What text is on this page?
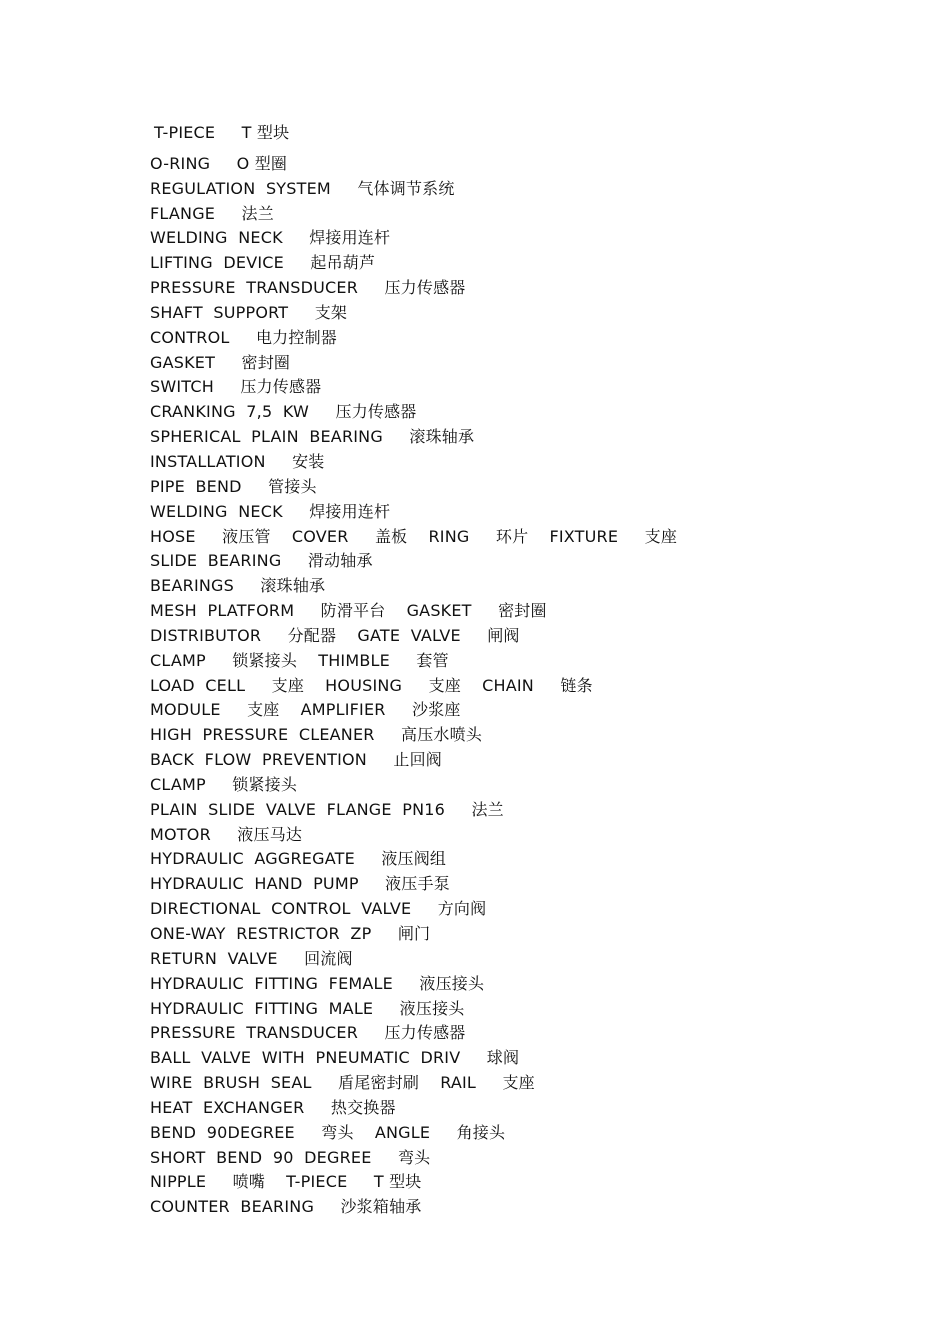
T-PIECE     T 型块
O-RING     O 型圈
REGULATION  SYSTEM     气体调节系统
FLANGE     法兰
WELDING  NECK     焊接用连杆
LIFTING  DEVICE     起吊葫芦
PRESSURE  TRANSDUCER     压力传感器
SHAFT  SUPPORT     支架
CONTROL     电力控制器
GASKET     密封圈
SWITCH     压力传感器
CRANKING  7,5  KW     压力传感器
SPHERICAL  PLAIN  BEARING     滚珠轴承
INSTALLATION     安装
PIPE  BEND     管接头
WELDING  NECK     焊接用连杆
HOSE     液压管    COVER     盖板    RING     环片    FIXTURE     支座
SLIDE  BEARING     滑动轴承
BEARINGS     滚珠轴承
MESH  PLATFORM     防滑平台    GASKET     密封圈
DISTRIBUTOR     分配器    GATE  VALVE     闸阀
CLAMP     锁紧接头    THIMBLE     套管
LOAD  CELL     支座    HOUSING     支座    CHAIN     链条
MODULE     支座    AMPLIFIER     沙浆座
HIGH  PRESSURE  CLEANER     高压水喷头
BACK  FLOW  PREVENTION     止回阀
CLAMP     锁紧接头
PLAIN  SLIDE  VALVE  FLANGE  PN16     法兰
MOTOR     液压马达
HYDRAULIC  AGGREGATE     液压阀组
HYDRAULIC  HAND  PUMP     液压手泵
DIRECTIONAL  CONTROL  VALVE     方向阀
ONE-WAY  RESTRICTOR  ZP     闸门
RETURN  VALVE     回流阀
HYDRAULIC  FITTING  FEMALE     液压接头
HYDRAULIC  FITTING  MALE     液压接头
PRESSURE  TRANSDUCER     压力传感器
BALL  VALVE  WITH  PNEUMATIC  DRIV     球阀
WIRE  BRUSH  SEAL     盾尾密封刷    RAIL     支座
HEAT  EXCHANGER     热交换器
BEND  90DEGREE     弯头    ANGLE     角接头
SHORT  BEND  90  DEGREE     弯头
NIPPLE     喷嘴    T-PIECE     T 型块
COUNTER  BEARING     沙浆箱轴承
